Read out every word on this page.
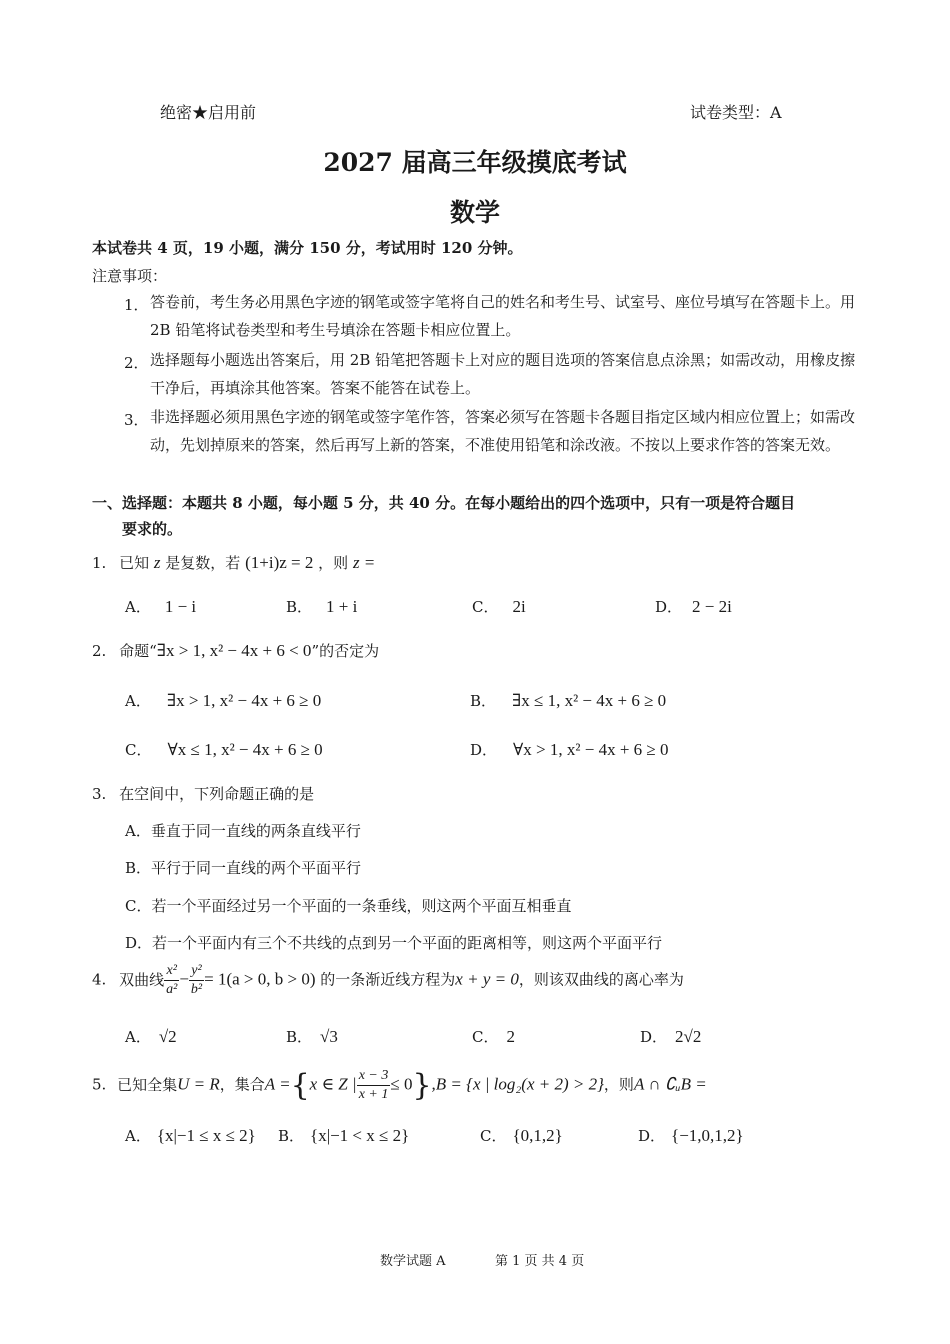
绝密★启用前	试卷类型：A
2027 届高三年级摸底考试
数学
本试卷共 4 页，19 小题，满分 150 分，考试用时 120 分钟。
注意事项：
1． 答卷前，考生务必用黑色字迹的钢笔或签字笔将自己的姓名和考生号、试室号、座位号填写在答题卡上。用 2B 铅笔将试卷类型和考生号填涂在答题卡相应位置上。
2． 选择题每小题选出答案后，用 2B 铅笔把答题卡上对应的题目选项的答案信息点涂黑；如需改动，用橡皮擦干净后，再填涂其他答案。答案不能答在试卷上。
3． 非选择题必须用黑色字迹的钢笔或签字笔作答，答案必须写在答题卡各题目指定区域内相应位置上；如需改动，先划掉原来的答案，然后再写上新的答案，不准使用铅笔和涂改液。不按以上要求作答的答案无效。
一、选择题：本题共 8 小题，每小题 5 分，共 40 分。在每小题给出的四个选项中，只有一项是符合题目
要求的。
1. 已知 z 是复数，若 (1+i)z = 2 ，则 z =
A． 1 − i	B． 1 + i	C． 2i	D． 2 − 2i
2. 命题“∃x > 1, x² − 4x + 6 < 0”的否定为
A． ∃x > 1, x² − 4x + 6 ≥ 0	B． ∃x ≤ 1, x² − 4x + 6 ≥ 0
C． ∀x ≤ 1, x² − 4x + 6 ≥ 0	D． ∀x > 1, x² − 4x + 6 ≥ 0
3. 在空间中，下列命题正确的是
A．垂直于同一直线的两条直线平行
B．平行于同一直线的两个平面平行
C．若一个平面经过另一个平面的一条垂线，则这两个平面互相垂直
D．若一个平面内有三个不共线的点到另一个平面的距离相等，则这两个平面平行
4. 双曲线 $\frac{\text{x²}}{\text{a²}} - \frac{\text{y²}}{\text{b²}} = 1(a > 0$, b > 0) 的一条渐近线方程为x + y = 0，则该双曲线的离心率为
A． √2	B． √3	C． 2	D． 2√2
5. 已知全集U = R，集合A ={x ∈ Z | $\frac{x - 3}{x + 1} \le 0\},B = \{x$ | log₂(x + 2) > 2}，则A ∩ ∁ᵤB =
A． {x|−1 ≤ x ≤ 2} B． {x|−1 < x ≤ 2}	C． {0,1,2}	D． {−1,0,1,2}
数学试题 A	第 1 页 共 4 页
